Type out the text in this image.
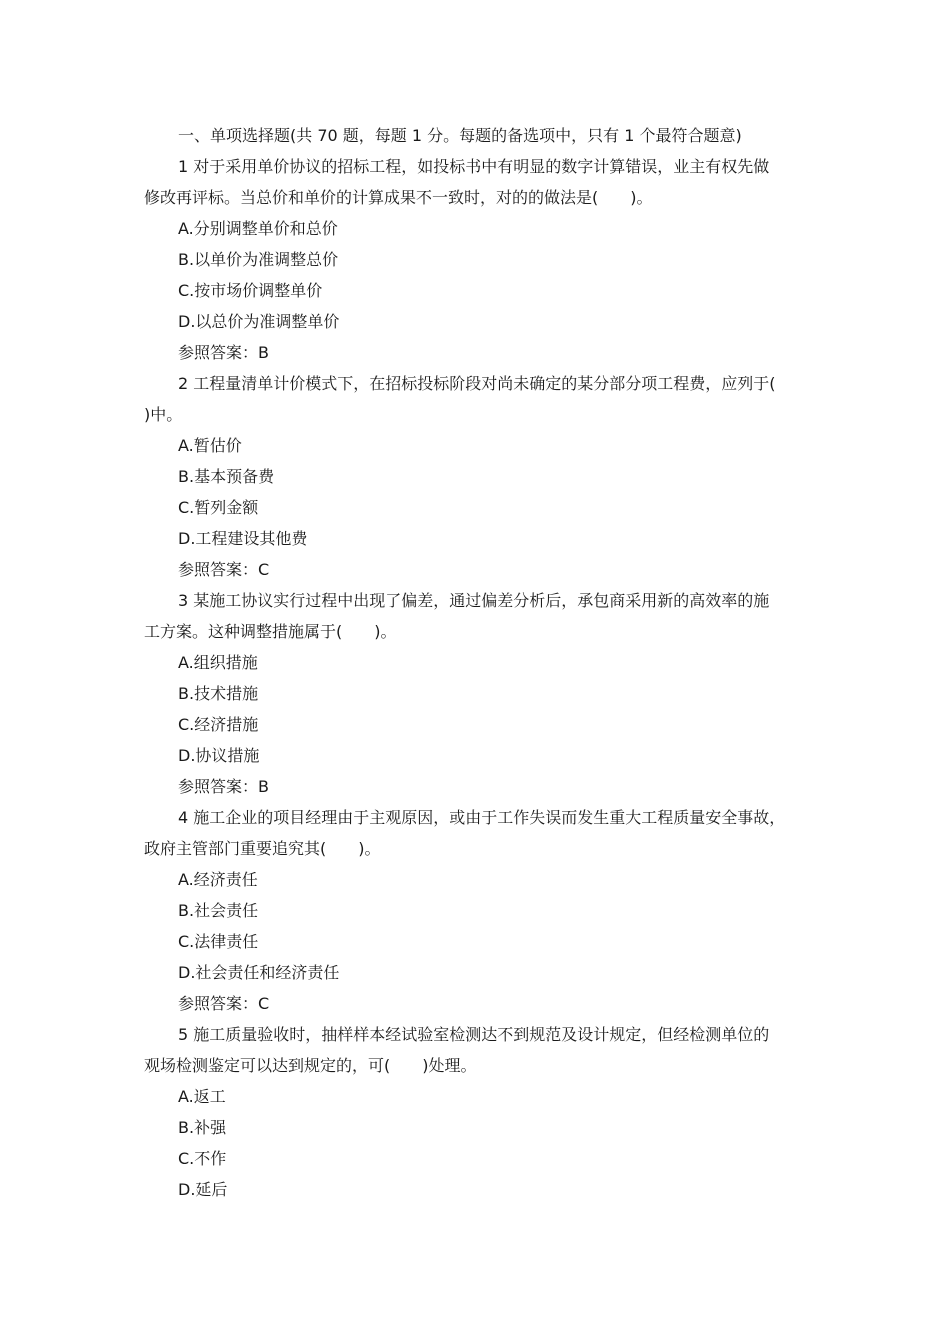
一、单项选择题(共 70 题，每题 1 分。每题的备选项中，只有 1 个最符合题意)
1 对于采用单价协议的招标工程，如投标书中有明显的数字计算错误，业主有权先做
修改再评标。当总价和单价的计算成果不一致时，对的的做法是(　　)。
A.分别调整单价和总价
B.以单价为准调整总价
C.按市场价调整单价
D.以总价为准调整单价
参照答案：B
2 工程量清单计价模式下，在招标投标阶段对尚未确定的某分部分项工程费，应列于(
)中。
A.暂估价
B.基本预备费
C.暂列金额
D.工程建设其他费
参照答案：C
3 某施工协议实行过程中出现了偏差，通过偏差分析后，承包商采用新的高效率的施
工方案。这种调整措施属于(　　)。
A.组织措施
B.技术措施
C.经济措施
D.协议措施
参照答案：B
4 施工企业的项目经理由于主观原因，或由于工作失误而发生重大工程质量安全事故，
政府主管部门重要追究其(　　)。
A.经济责任
B.社会责任
C.法律责任
D.社会责任和经济责任
参照答案：C
5 施工质量验收时，抽样样本经试验室检测达不到规范及设计规定，但经检测单位的
观场检测鉴定可以达到规定的，可(　　)处理。
A.返工
B.补强
C.不作
D.延后
